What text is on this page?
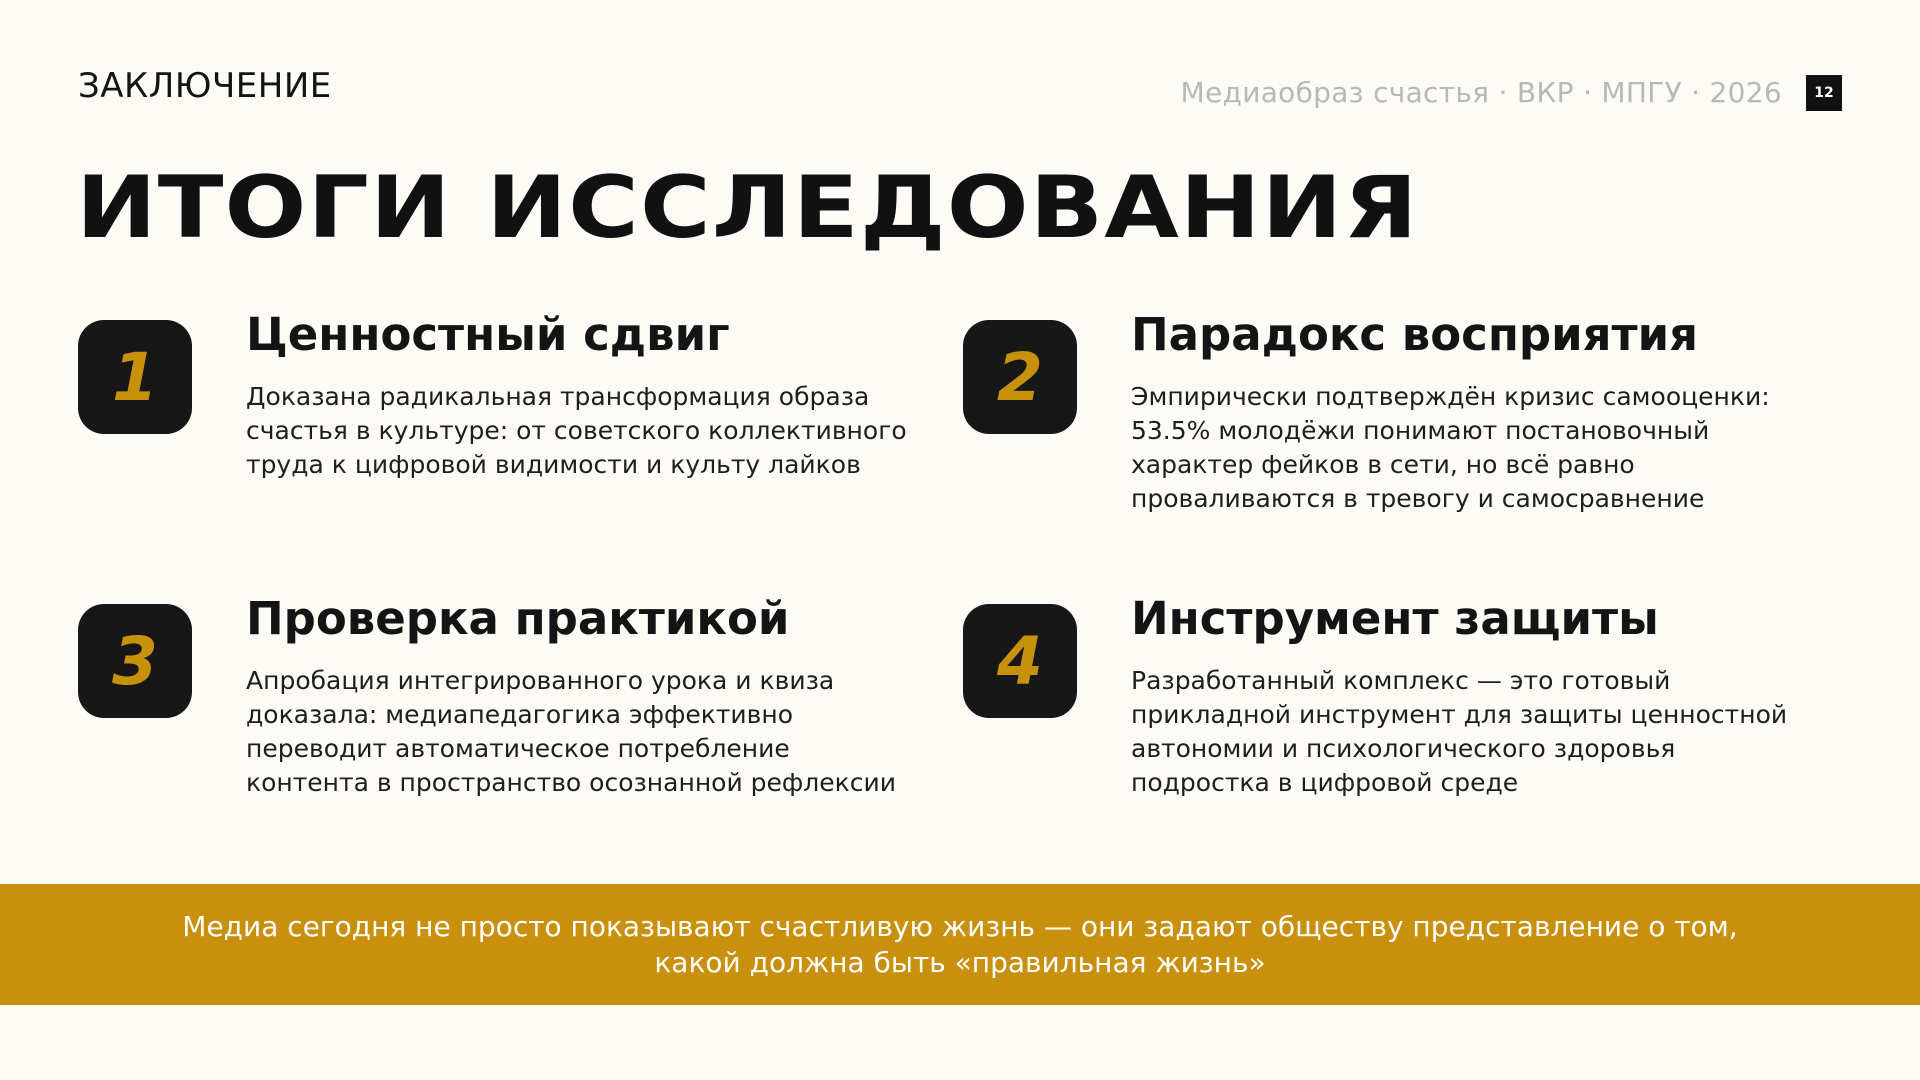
ЗАКЛЮЧЕНИЕ	Медиаобраз счастья · ВКР · МПГУ · 2026	12
ИТОГИ ИССЛЕДОВАНИЯ
1
Ценностный сдвиг
Доказана радикальная трансформация образа
счастья в культуре: от советского коллективного
труда к цифровой видимости и культу лайков
2
Парадокс восприятия
Эмпирически подтверждён кризис самооценки:
53.5% молодёжи понимают постановочный
характер фейков в сети, но всё равно
проваливаются в тревогу и самосравнение
3
Проверка практикой
Апробация интегрированного урока и квиза
доказала: медиапедагогика эффективно
переводит автоматическое потребление
контента в пространство осознанной рефлексии
4
Инструмент защиты
Разработанный комплекс — это готовый
прикладной инструмент для защиты ценностной
автономии и психологического здоровья
подростка в цифровой среде
Медиа сегодня не просто показывают счастливую жизнь — они задают обществу представление о том,
какой должна быть «правильная жизнь»
